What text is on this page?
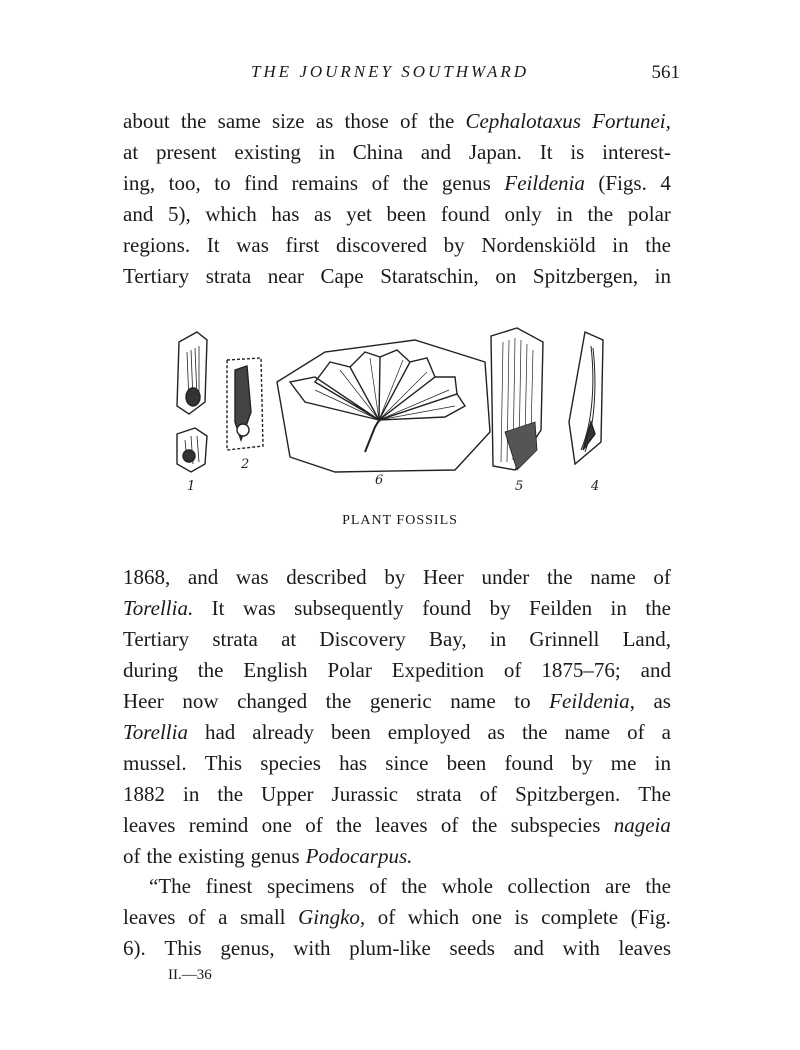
THE JOURNEY SOUTHWARD	561
about the same size as those of the Cephalotaxus Fortunei,
at present existing in China and Japan. It is interest-
ing, too, to find remains of the genus Feildenia (Figs. 4
and 5), which has as yet been found only in the polar
regions. It was first discovered by Nordenskiöld in the
Tertiary strata near Cape Staratschin, on Spitzbergen, in
1
2
6	5	4
PLANT FOSSILS
1868, and was described by Heer under the name of
Torellia. It was subsequently found by Feilden in the
Tertiary strata at Discovery Bay, in Grinnell Land,
during the English Polar Expedition of 1875–76; and
Heer now changed the generic name to Feildenia, as
Torellia had already been employed as the name of a
mussel. This species has since been found by me in
1882 in the Upper Jurassic strata of Spitzbergen. The
leaves remind one of the leaves of the subspecies nageia
of the existing genus Podocarpus.
“The finest specimens of the whole collection are the
leaves of a small Gingko, of which one is complete (Fig.
6). This genus, with plum-like seeds and with leaves
II.—36
